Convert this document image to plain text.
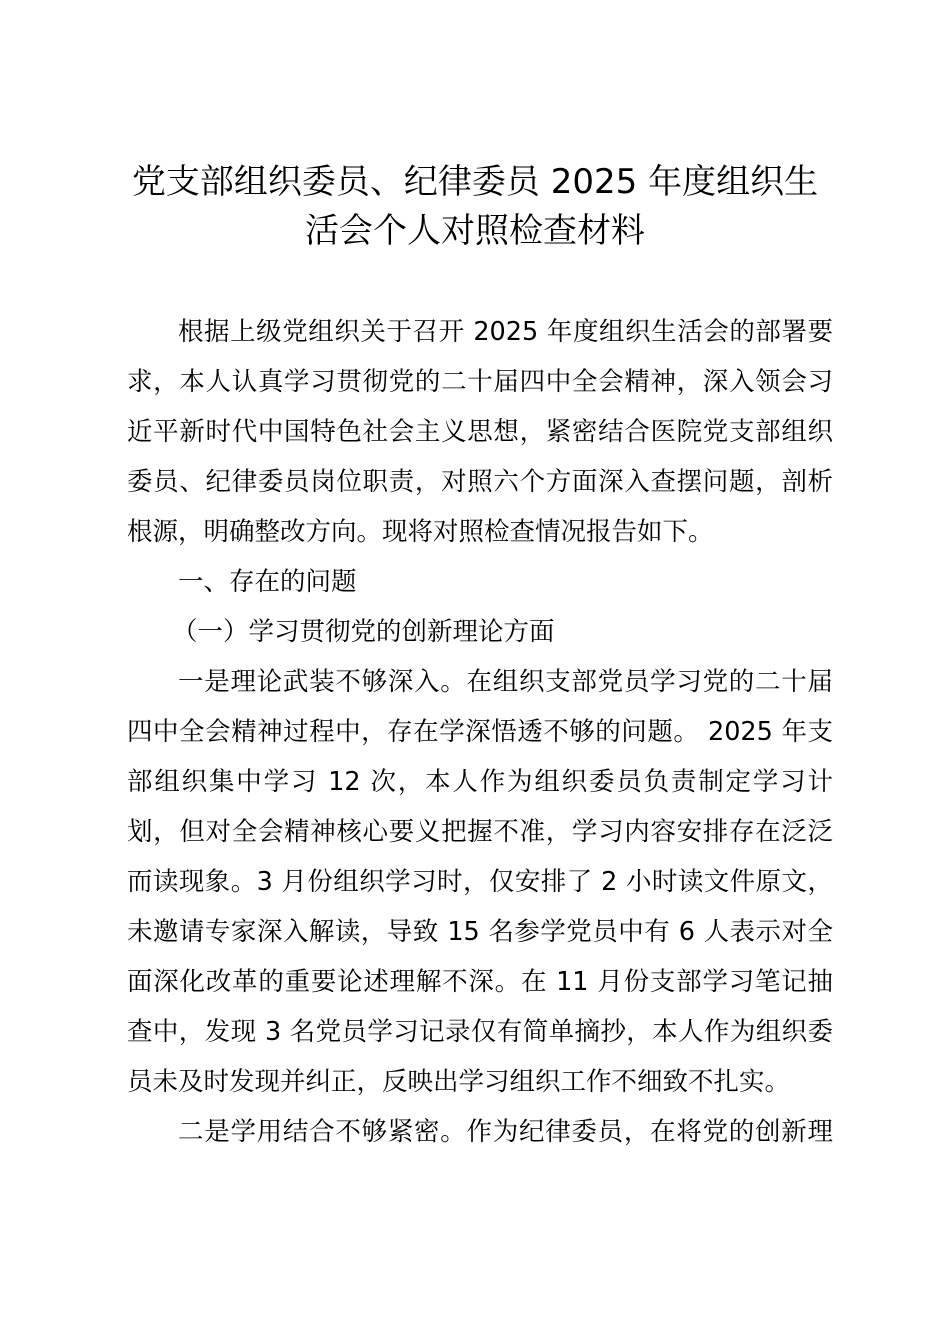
党支部组织委员、纪律委员 2025 年度组织生
活会个人对照检查材料
根据上级党组织关于召开 2025 年度组织生活会的部署要
求，本人认真学习贯彻党的二十届四中全会精神，深入领会习
近平新时代中国特色社会主义思想，紧密结合医院党支部组织
委员、纪律委员岗位职责，对照六个方面深入查摆问题，剖析
根源，明确整改方向。现将对照检查情况报告如下。
一、存在的问题
（一）学习贯彻党的创新理论方面
一是理论武装不够深入。在组织支部党员学习党的二十届
四中全会精神过程中，存在学深悟透不够的问题。 2025 年支
部组织集中学习 12 次，本人作为组织委员负责制定学习计
划，但对全会精神核心要义把握不准，学习内容安排存在泛泛
而读现象。3 月份组织学习时，仅安排了 2 小时读文件原文，
未邀请专家深入解读，导致 15 名参学党员中有 6 人表示对全
面深化改革的重要论述理解不深。在 11 月份支部学习笔记抽
查中，发现 3 名党员学习记录仅有简单摘抄，本人作为组织委
员未及时发现并纠正，反映出学习组织工作不细致不扎实。
二是学用结合不够紧密。作为纪律委员，在将党的创新理
